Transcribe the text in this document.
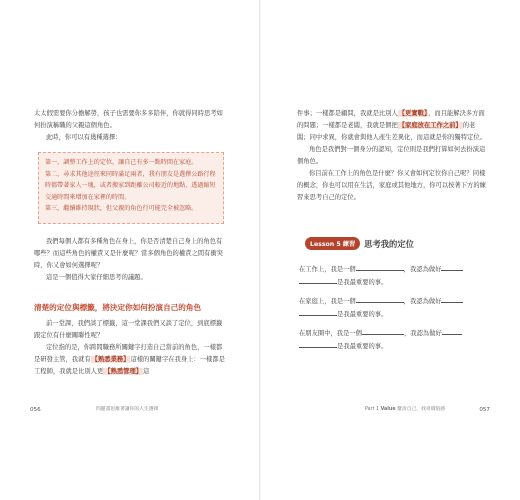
太太假需要你分擔解勞，孩子也需要你多多陪伴，你就得同時思考如何扮演稱職的父親這個角色。

此時，你可以有幾種選擇：

第一，調整工作上的定位，讓自己有多一點時間在家庭。

第二，尋求其他途徑來同時滿足兩者，我有朋友是選擇公路行程時都帶著家人一塊，或者搬家到距離公司較近的地點，透過縮短交通時間來增加在家裡的時間。

第三，繼續維持現狀，但父親的角色行可能完全被忽略。

我們每個人都有多種角色在身上，你是否清楚自己身上的角色有哪些？而這些角色的權責又是什麼呢？當多個角色的權責之間有衝突時，你又會如何選擇呢？

這是一個值得大家仔細思考的議題。

清楚的定位與標籤，將決定你如何扮演自己的角色

前一堂課，我們談了標籤，這一堂課我們又談了定位，到底標籤跟定位有什麼關聯性呢？

定位指的是，你跨間職務所關鍵字打造自己當前的角色，一樣都是研發主管，我就有【熟悉業務】這樣的關鍵字在我身上：一樣都是工程師，我就是比別人更【熟悉管理】這

056	問題畫思維著讓你的人生選擇

件事；一樣都是顧問，我就是比別人【更實戰】，而且能解決多方面的問題；一樣都是老闆，我就是個把【家庭放在工作之前】的老闆；同中求異，你就會與他人產生差異化，而這就是你的獨特定位。

角色是我們對一個身分的認知，定位則是我們打算如何去扮演這個角色。

你目前在工作上的角色是什麼？你又會如何定位你自己呢？同樣的概念，你也可以用在生活，家庭或其他地方，你可以按著下方的練習來思考自己的定位。

Lesson 5 練習	思考我的定位
在工作上，我是一個	，我認為做好
是我最重要的事。
在家庭上，我是一個	，我認為做好
是我最重要的事。
在朋友圈中，我是一個	，我認為做好
是我最重要的事。
Part 1 Value 釐清自己，找尋價值感	057
